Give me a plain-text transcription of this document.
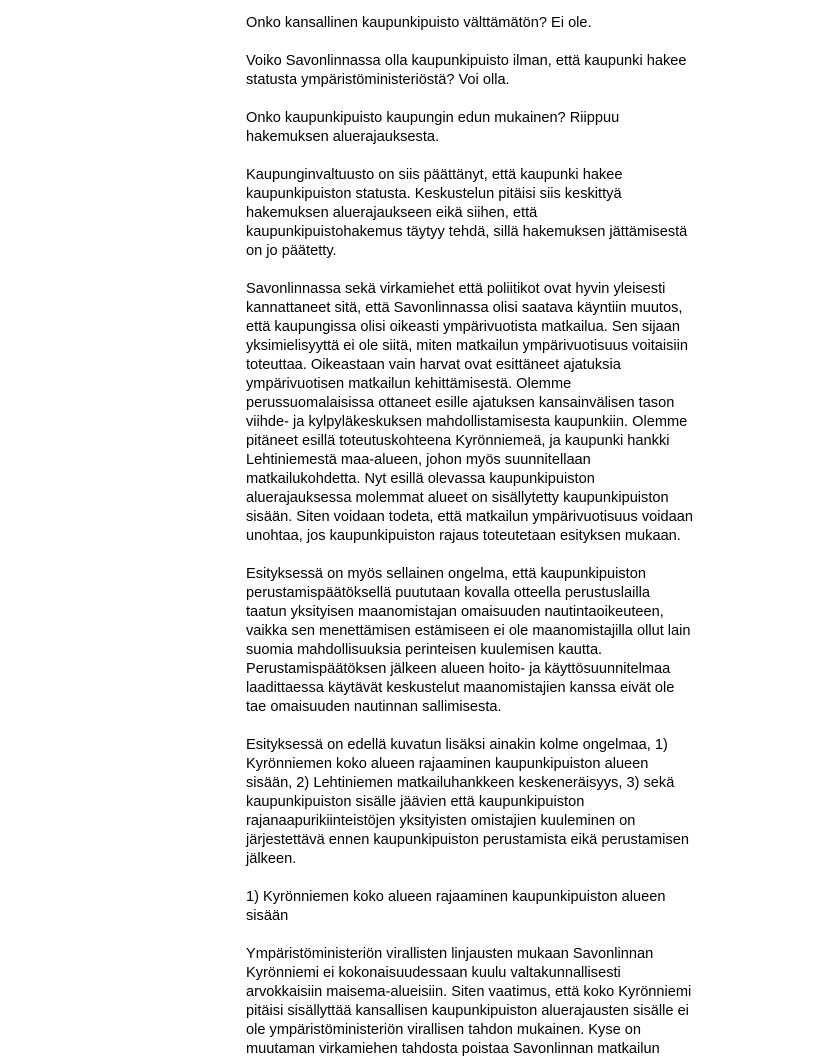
Onko kansallinen kaupunkipuisto välttämätön? Ei ole.
Voiko Savonlinnassa olla kaupunkipuisto ilman, että kaupunki hakee
statusta ympäristöministeriöstä? Voi olla.
Onko kaupunkipuisto kaupungin edun mukainen? Riippuu
hakemuksen aluerajauksesta.
Kaupunginvaltuusto on siis päättänyt, että kaupunki hakee
kaupunkipuiston statusta. Keskustelun pitäisi siis keskittyä
hakemuksen aluerajaukseen eikä siihen, että
kaupunkipuistohakemus täytyy tehdä, sillä hakemuksen jättämisestä
on jo päätetty.
Savonlinnassa sekä virkamiehet että poliitikot ovat hyvin yleisesti
kannattaneet sitä, että Savonlinnassa olisi saatava käyntiin muutos,
että kaupungissa olisi oikeasti ympärivuotista matkailua. Sen sijaan
yksimielisyyttä ei ole siitä, miten matkailun ympärivuotisuus voitaisiin
toteuttaa. Oikeastaan vain harvat ovat esittäneet ajatuksia
ympärivuotisen matkailun kehittämisestä. Olemme
perussuomalaisissa ottaneet esille ajatuksen kansainvälisen tason
viihde- ja kylpyläkeskuksen mahdollistamisesta kaupunkiin. Olemme
pitäneet esillä toteutuskohteena Kyrönniemeä, ja kaupunki hankki
Lehtiniemestä maa-alueen, johon myös suunnitellaan
matkailukohdetta. Nyt esillä olevassa kaupunkipuiston
aluerajauksessa molemmat alueet on sisällytetty kaupunkipuiston
sisään. Siten voidaan todeta, että matkailun ympärivuotisuus voidaan
unohtaa, jos kaupunkipuiston rajaus toteutetaan esityksen mukaan.
Esityksessä on myös sellainen ongelma, että kaupunkipuiston
perustamispäätöksellä puututaan kovalla otteella perustuslailla
taatun yksityisen maanomistajan omaisuuden nautintaoikeuteen,
vaikka sen menettämisen estämiseen ei ole maanomistajilla ollut lain
suomia mahdollisuuksia perinteisen kuulemisen kautta.
Perustamispäätöksen jälkeen alueen hoito- ja käyttösuunnitelmaa
laadittaessa käytävät keskustelut maanomistajien kanssa eivät ole
tae omaisuuden nautinnan sallimisesta.
Esityksessä on edellä kuvatun lisäksi ainakin kolme ongelmaa, 1)
Kyrönniemen koko alueen rajaaminen kaupunkipuiston alueen
sisään, 2) Lehtiniemen matkailuhankkeen keskeneräisyys, 3) sekä
kaupunkipuiston sisälle jäävien että kaupunkipuiston
rajanaapurikiinteistöjen yksityisten omistajien kuuleminen on
järjestettävä ennen kaupunkipuiston perustamista eikä perustamisen
jälkeen.
1) Kyrönniemen koko alueen rajaaminen kaupunkipuiston alueen
sisään
Ympäristöministeriön virallisten linjausten mukaan Savonlinnan
Kyrönniemi ei kokonaisuudessaan kuulu valtakunnallisesti
arvokkaisiin maisema-alueisiin. Siten vaatimus, että koko Kyrönniemi
pitäisi sisällyttää kansallisen kaupunkipuiston aluerajausten sisälle ei
ole ympäristöministeriön virallisen tahdon mukainen. Kyse on
muutaman virkamiehen tahdosta poistaa Savonlinnan matkailun
